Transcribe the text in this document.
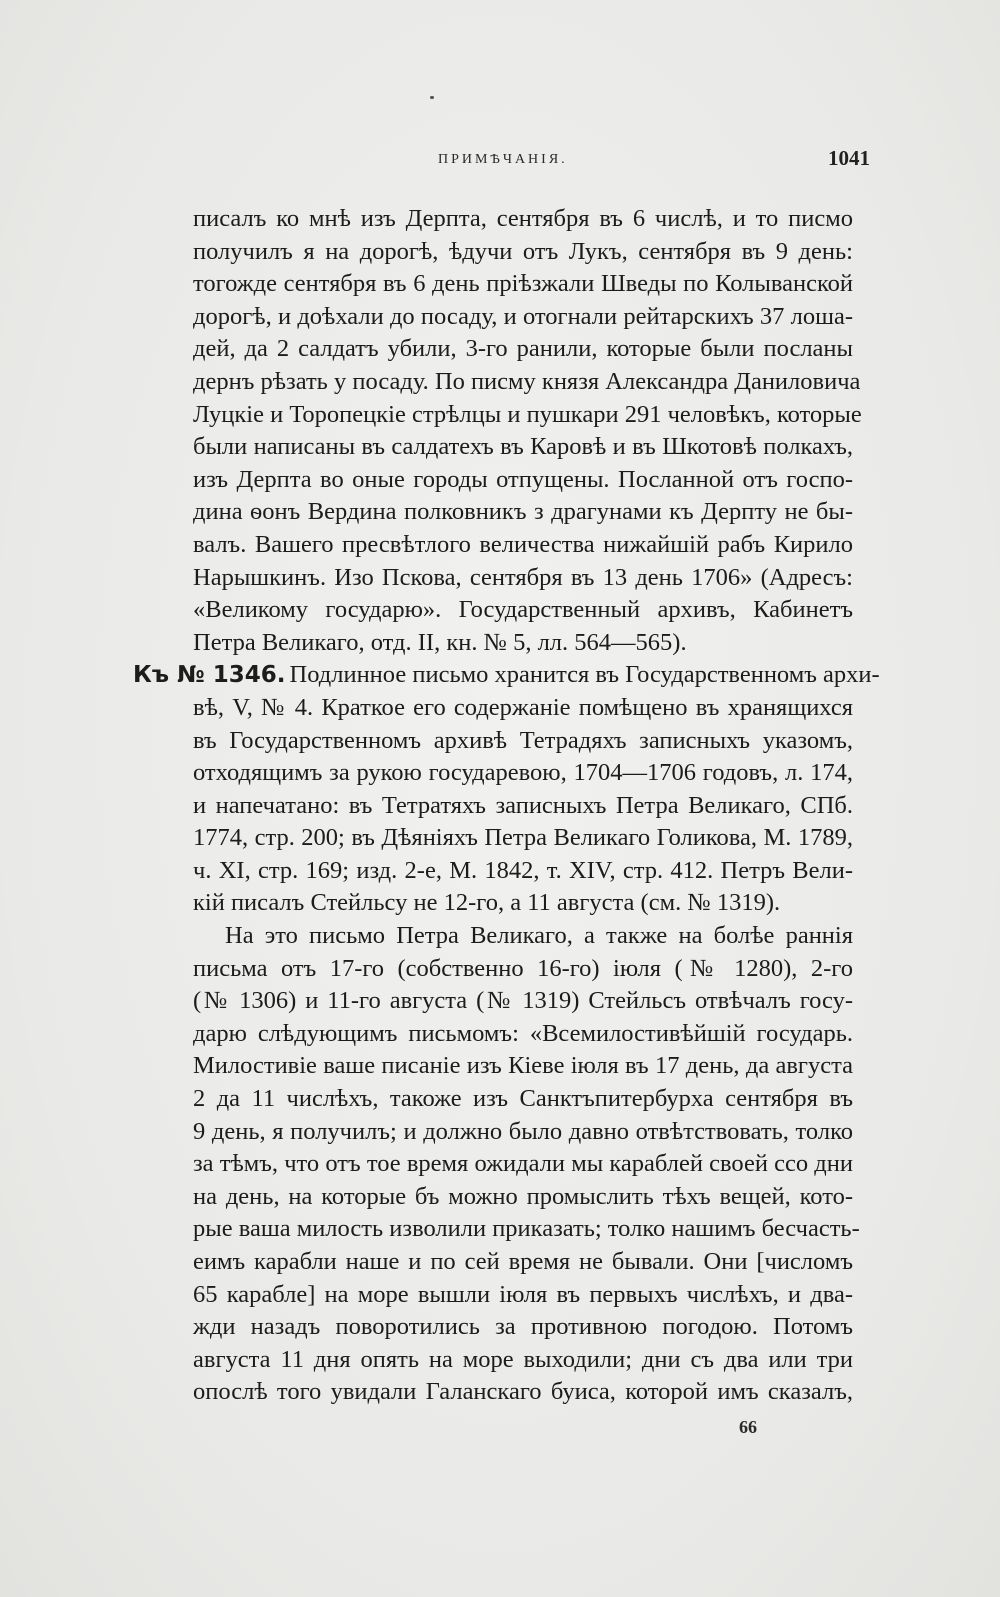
ПРИМѢЧАНІЯ.	1041
писалъ ко мнѣ изъ Дерпта, сентября въ 6 числѣ, и то писмо
получилъ я на дорогѣ, ѣдучи отъ Лукъ, сентября въ 9 день:
тогожде сентября въ 6 день пріѣзжали Шведы по Колыванской
дорогѣ, и доѣхали до посаду, и отогнали рейтарскихъ 37 лоша-
дей, да 2 салдатъ убили, 3-го ранили, которые были посланы
дернъ рѣзать у посаду. По писму князя Александра Даниловича
Луцкіе и Торопецкіе стрѣлцы и пушкари 291 человѣкъ, которые
были написаны въ салдатехъ въ Каровѣ и въ Шкотовѣ полкахъ,
изъ Дерпта во оные городы отпущены. Посланной отъ госпо-
дина ѳонъ Вердина полковникъ з драгунами къ Дерпту не бы-
валъ. Вашего пресвѣтлого величества нижайшій рабъ Кирило
Нарышкинъ. Изо Пскова, сентября въ 13 день 1706» (Адресъ:
«Великому государю». Государственный архивъ, Кабинетъ
Петра Великаго, отд. II, кн. № 5, лл. 564—565).
Къ № 1346. Подлинное письмо хранится въ Государственномъ архи-
вѣ, V, № 4. Краткое его содержаніе помѣщено въ хранящихся
въ Государственномъ архивѣ Тетрадяхъ записныхъ указомъ,
отходящимъ за рукою государевою, 1704—1706 годовъ, л. 174,
и напечатано: въ Тетратяхъ записныхъ Петра Великаго, СПб.
1774, стр. 200; въ Дѣяніяхъ Петра Великаго Голикова, М. 1789,
ч. XI, стр. 169; изд. 2-е, М. 1842, т. XIV, стр. 412. Петръ Вели-
кій писалъ Стейльсу не 12-го, а 11 августа (см. № 1319).
На это письмо Петра Великаго, а также на болѣе раннія
письма отъ 17-го (собственно 16-го) іюля (№ 1280), 2-го
(№ 1306) и 11-го августа (№ 1319) Стейльсъ отвѣчалъ госу-
дарю слѣдующимъ письмомъ: «Всемилостивѣйшій государь.
Милостивіе ваше писаніе изъ Кіеве іюля въ 17 день, да августа
2 да 11 числѣхъ, такоже изъ Санктъпитербурха сентября въ
9 день, я получилъ; и должно было давно отвѣтствовать, толко
за тѣмъ, что отъ тое время ожидали мы караблей своей ссо дни
на день, на которые бъ можно промыслить тѣхъ вещей, кото-
рые ваша милость изволили приказать; толко нашимъ бесчасть-
еимъ карабли наше и по сей время не бывали. Они [числомъ
65 карабле] на море вышли іюля въ первыхъ числѣхъ, и два-
жди назадъ поворотились за противною погодою. Потомъ
августа 11 дня опять на море выходили; дни съ два или три
опослѣ того увидали Галанскаго буиса, которой имъ сказалъ,
66
